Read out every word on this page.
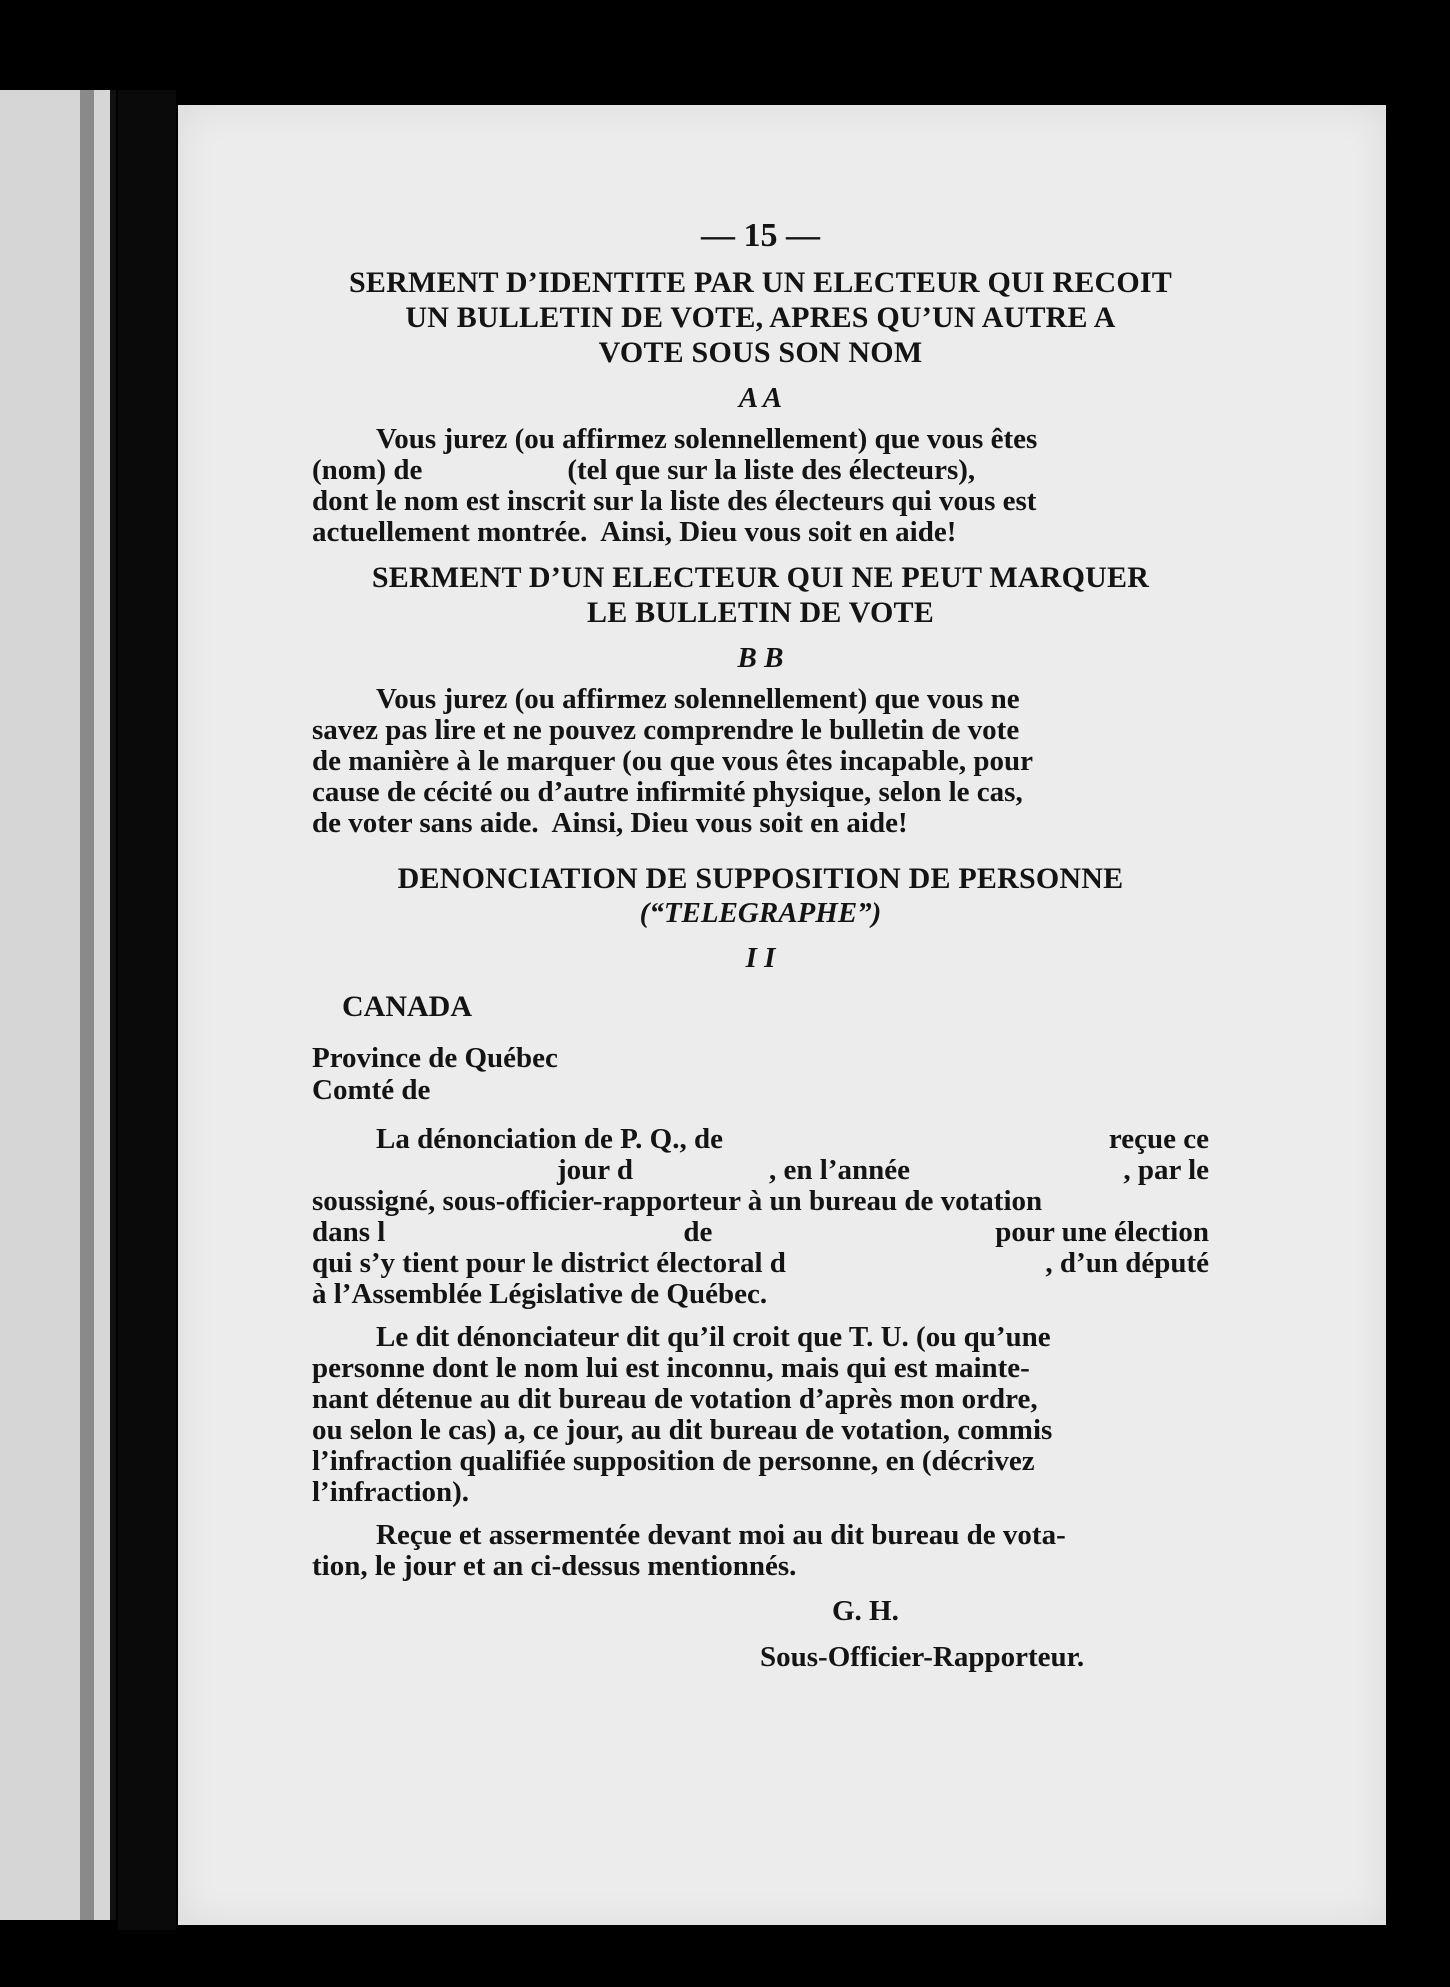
— 15 —
SERMENT D’IDENTITE PAR UN ELECTEUR QUI RECOIT
UN BULLETIN DE VOTE, APRES QU’UN AUTRE A
VOTE SOUS SON NOM
A A
Vous jurez (ou affirmez solennellement) que vous êtes
(nom) de                    (tel que sur la liste des électeurs),
dont le nom est inscrit sur la liste des électeurs qui vous est
actuellement montrée.  Ainsi, Dieu vous soit en aide!
SERMENT D’UN ELECTEUR QUI NE PEUT MARQUER
LE BULLETIN DE VOTE
B B
Vous jurez (ou affirmez solennellement) que vous ne
savez pas lire et ne pouvez comprendre le bulletin de vote
de manière à le marquer (ou que vous êtes incapable, pour
cause de cécité ou d’autre infirmité physique, selon le cas,
de voter sans aide.  Ainsi, Dieu vous soit en aide!
DENONCIATION DE SUPPOSITION DE PERSONNE
(“TELEGRAPHE”)
I I
CANADA
Province de Québec
Comté de
La dénonciation de P. Q., de	reçue ce
jour d	, en l’année	, par le
soussigné, sous-officier-rapporteur à un bureau de votation
dans l	de	pour une élection
qui s’y tient pour le district électoral d	, d’un député
à l’Assemblée Législative de Québec.
Le dit dénonciateur dit qu’il croit que T. U. (ou qu’une
personne dont le nom lui est inconnu, mais qui est mainte-
nant détenue au dit bureau de votation d’après mon ordre,
ou selon le cas) a, ce jour, au dit bureau de votation, commis
l’infraction qualifiée supposition de personne, en (décrivez
l’infraction).
Reçue et assermentée devant moi au dit bureau de vota-
tion, le jour et an ci-dessus mentionnés.
G. H.
Sous-Officier-Rapporteur.
